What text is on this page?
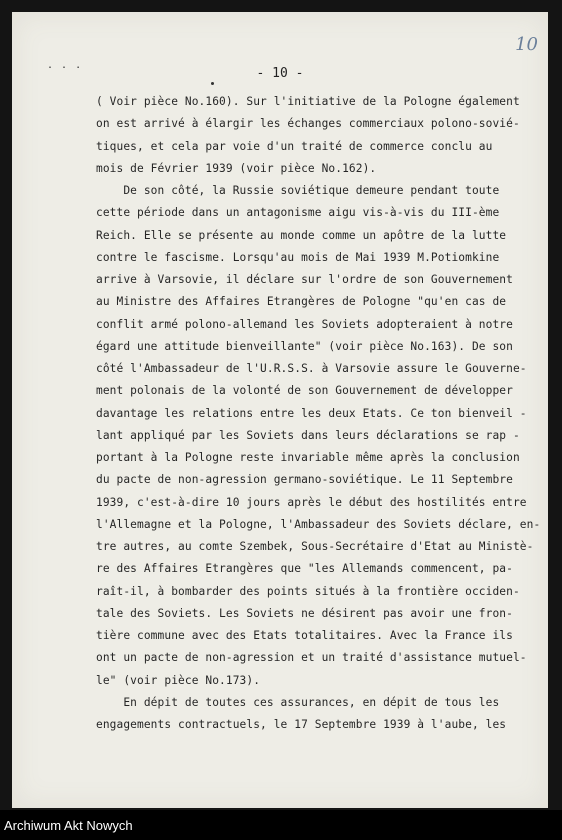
. . .
10
- 10 -
( Voir pièce No.160). Sur l'initiative de la Pologne également
on est arrivé à élargir les échanges commerciaux polono-sovié-
tiques, et cela par voie d'un traité de commerce conclu au
mois de Février 1939 (voir pièce No.162).
De son côté, la Russie soviétique demeure pendant toute
cette période dans un antagonisme aigu vis-à-vis du III-ème
Reich. Elle se présente au monde comme un apôtre de la lutte
contre le fascisme. Lorsqu'au mois de Mai 1939 M.Potiomkine
arrive à Varsovie, il déclare sur l'ordre de son Gouvernement
au Ministre des Affaires Etrangères de Pologne "qu'en cas de
conflit armé polono-allemand les Soviets adopteraient à notre
égard une attitude bienveillante" (voir pièce No.163). De son
côté l'Ambassadeur de l'U.R.S.S. à Varsovie assure le Gouverne-
ment polonais de la volonté de son Gouvernement de développer
davantage les relations entre les deux Etats. Ce ton bienveil -
lant appliqué par les Soviets dans leurs déclarations se rap -
portant à la Pologne reste invariable même après la conclusion
du pacte de non-agression germano-soviétique. Le 11 Septembre
1939, c'est-à-dire 10 jours après le début des hostilités entre
l'Allemagne et la Pologne, l'Ambassadeur des Soviets déclare, en-
tre autres, au comte Szembek, Sous-Secrétaire d'Etat au Ministè-
re des Affaires Etrangères que "les Allemands commencent, pa-
raît-il, à bombarder des points situés à la frontière occiden-
tale des Soviets. Les Soviets ne désirent pas avoir une fron-
tière commune avec des Etats totalitaires. Avec la France ils
ont un pacte de non-agression et un traité d'assistance mutuel-
le" (voir pièce No.173).
En dépit de toutes ces assurances, en dépit de tous les
engagements contractuels, le 17 Septembre 1939 à l'aube, les
Archiwum Akt Nowych
